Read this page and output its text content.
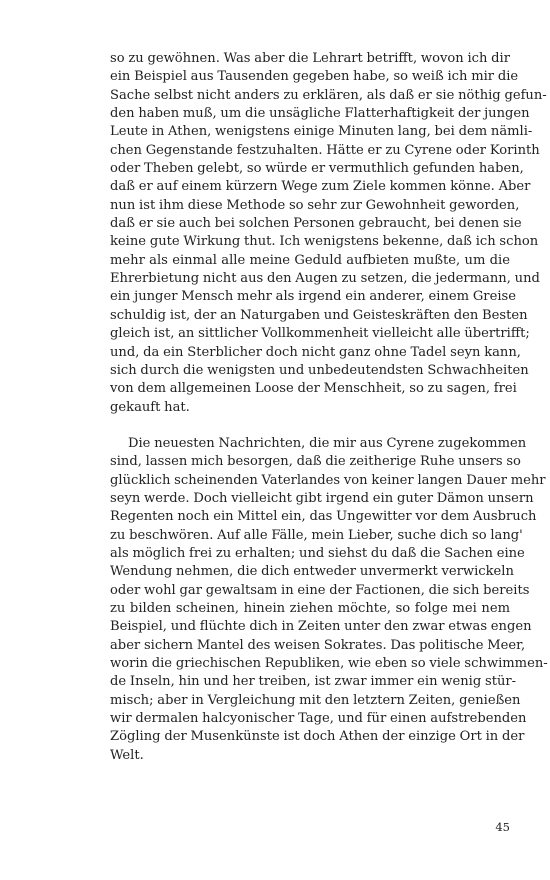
so zu gewöhnen. Was aber die Lehrart betrifft, wovon ich dir
ein Beispiel aus Tausenden gegeben habe, so weiß ich mir die
Sache selbst nicht anders zu erklären, als daß er sie nöthig gefun-
den haben muß, um die unsägliche Flatterhaftigkeit der jungen
Leute in Athen, wenigstens einige Minuten lang, bei dem nämli-
chen Gegenstande festzuhalten. Hätte er zu Cyrene oder Korinth
oder Theben gelebt, so würde er vermuthlich gefunden haben,
daß er auf einem kürzern Wege zum Ziele kommen könne. Aber
nun ist ihm diese Methode so sehr zur Gewohnheit geworden,
daß er sie auch bei solchen Personen gebraucht, bei denen sie
keine gute Wirkung thut. Ich wenigstens bekenne, daß ich schon
mehr als einmal alle meine Geduld aufbieten mußte, um die
Ehrerbietung nicht aus den Augen zu setzen, die jedermann, und
ein junger Mensch mehr als irgend ein anderer, einem Greise
schuldig ist, der an Naturgaben und Geisteskräften den Besten
gleich ist, an sittlicher Vollkommenheit vielleicht alle übertrifft;
und, da ein Sterblicher doch nicht ganz ohne Tadel seyn kann,
sich durch die wenigsten und unbedeutendsten Schwachheiten
von dem allgemeinen Loose der Menschheit, so zu sagen, frei
gekauft hat.

Die neuesten Nachrichten, die mir aus Cyrene zugekommen
sind, lassen mich besorgen, daß die zeitherige Ruhe unsers so
glücklich scheinenden Vaterlandes von keiner langen Dauer mehr
seyn werde. Doch vielleicht gibt irgend ein guter Dämon unsern
Regenten noch ein Mittel ein, das Ungewitter vor dem Ausbruch
zu beschwören. Auf alle Fälle, mein Lieber, suche dich so lang'
als möglich frei zu erhalten; und siehst du daß die Sachen eine
Wendung nehmen, die dich entweder unvermerkt verwickeln
oder wohl gar gewaltsam in eine der Factionen, die sich bereits
zu bilden scheinen, hinein ziehen möchte, so folge mei nem
Beispiel, und flüchte dich in Zeiten unter den zwar etwas engen
aber sichern Mantel des weisen Sokrates. Das politische Meer,
worin die griechischen Republiken, wie eben so viele schwimmen-
de Inseln, hin und her treiben, ist zwar immer ein wenig stür-
misch; aber in Vergleichung mit den letztern Zeiten, genießen
wir dermalen halcyonischer Tage, und für einen aufstrebenden
Zögling der Musenkünste ist doch Athen der einzige Ort in der
Welt.

45
